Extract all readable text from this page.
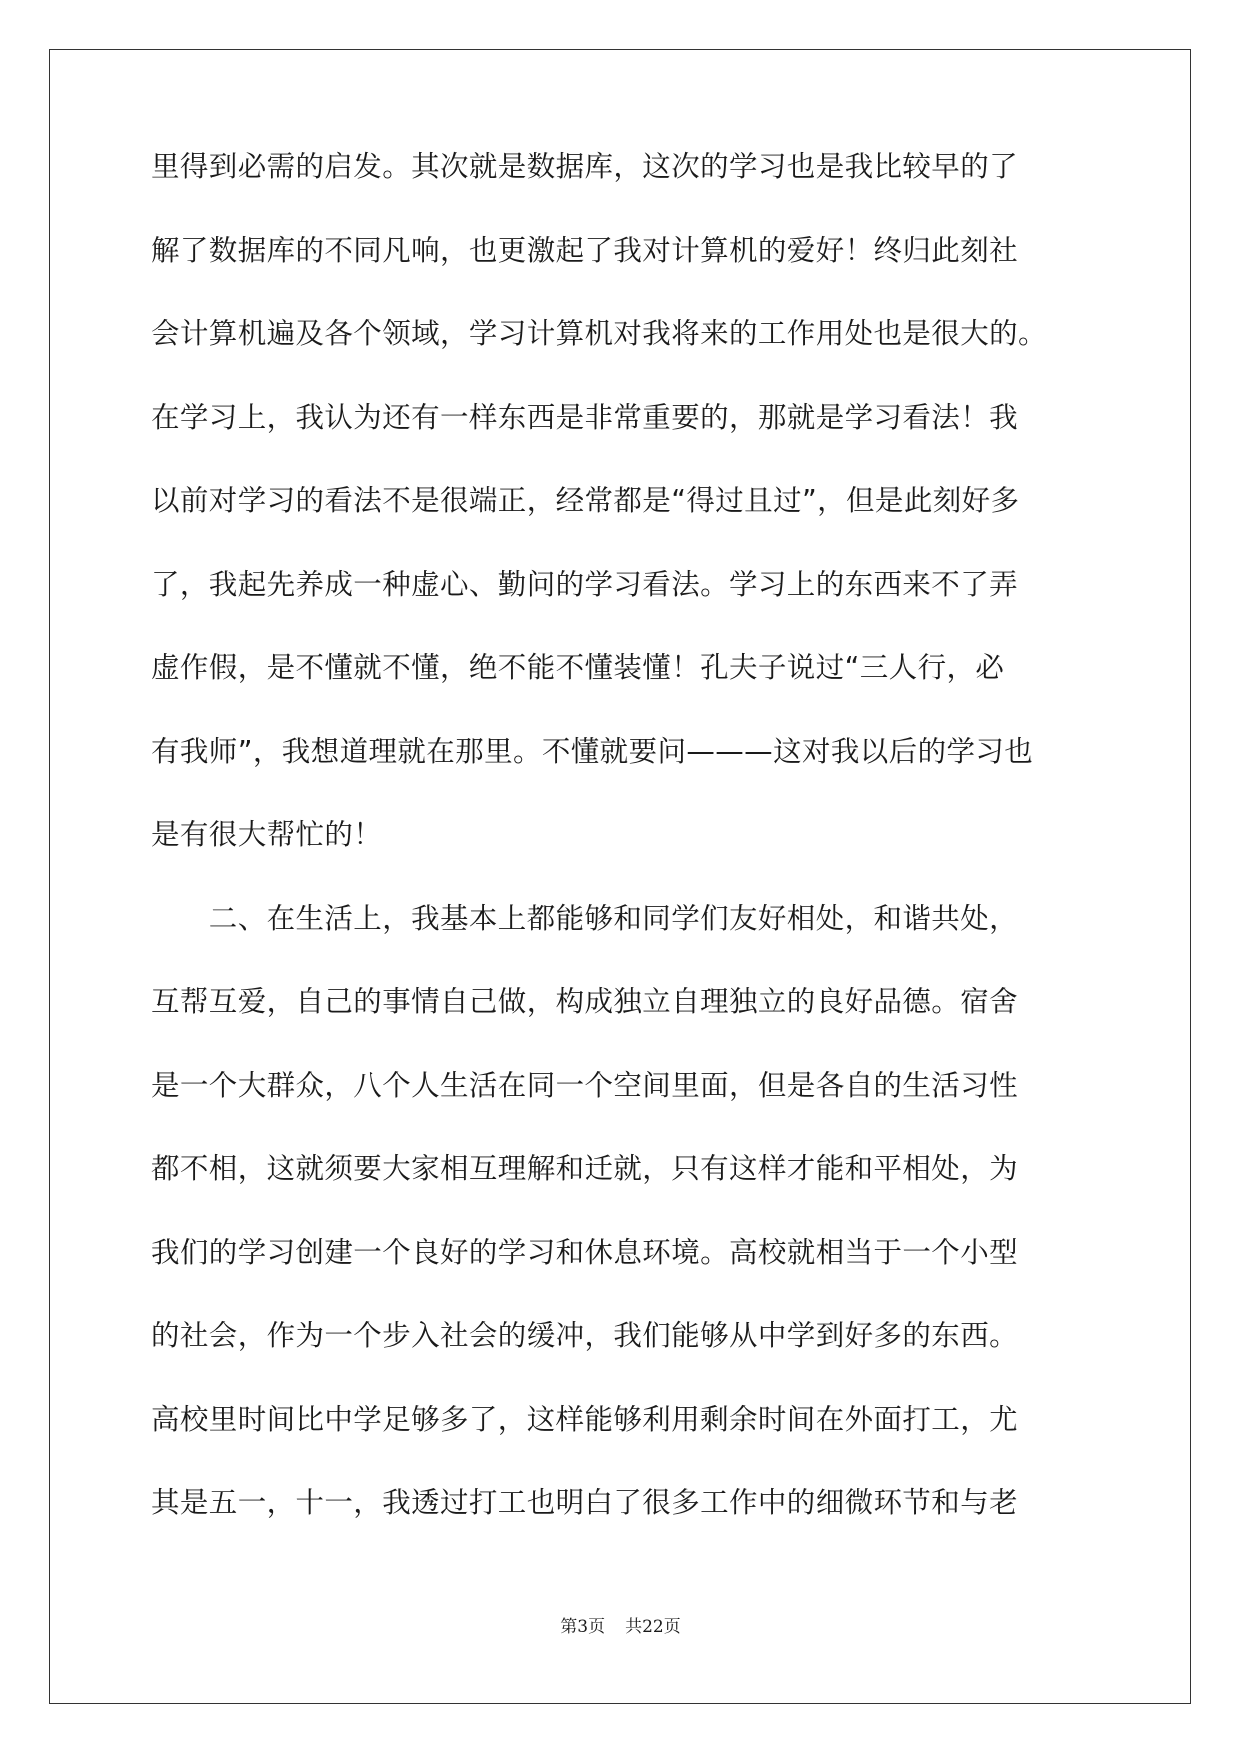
里得到必需的启发。其次就是数据库，这次的学习也是我比较早的了
解了数据库的不同凡响，也更激起了我对计算机的爱好！终归此刻社
会计算机遍及各个领域，学习计算机对我将来的工作用处也是很大的。
在学习上，我认为还有一样东西是非常重要的，那就是学习看法！我
以前对学习的看法不是很端正，经常都是“得过且过”，但是此刻好多
了，我起先养成一种虚心、勤问的学习看法。学习上的东西来不了弄
虚作假，是不懂就不懂，绝不能不懂装懂！孔夫子说过“三人行，必
有我师”，我想道理就在那里。不懂就要问———这对我以后的学习也
是有很大帮忙的！
　　二、在生活上，我基本上都能够和同学们友好相处，和谐共处，
互帮互爱，自己的事情自己做，构成独立自理独立的良好品德。宿舍
是一个大群众，八个人生活在同一个空间里面，但是各自的生活习性
都不相，这就须要大家相互理解和迁就，只有这样才能和平相处，为
我们的学习创建一个良好的学习和休息环境。高校就相当于一个小型
的社会，作为一个步入社会的缓冲，我们能够从中学到好多的东西。
高校里时间比中学足够多了，这样能够利用剩余时间在外面打工，尤
其是五一，十一，我透过打工也明白了很多工作中的细微环节和与老
第3页 共22页
